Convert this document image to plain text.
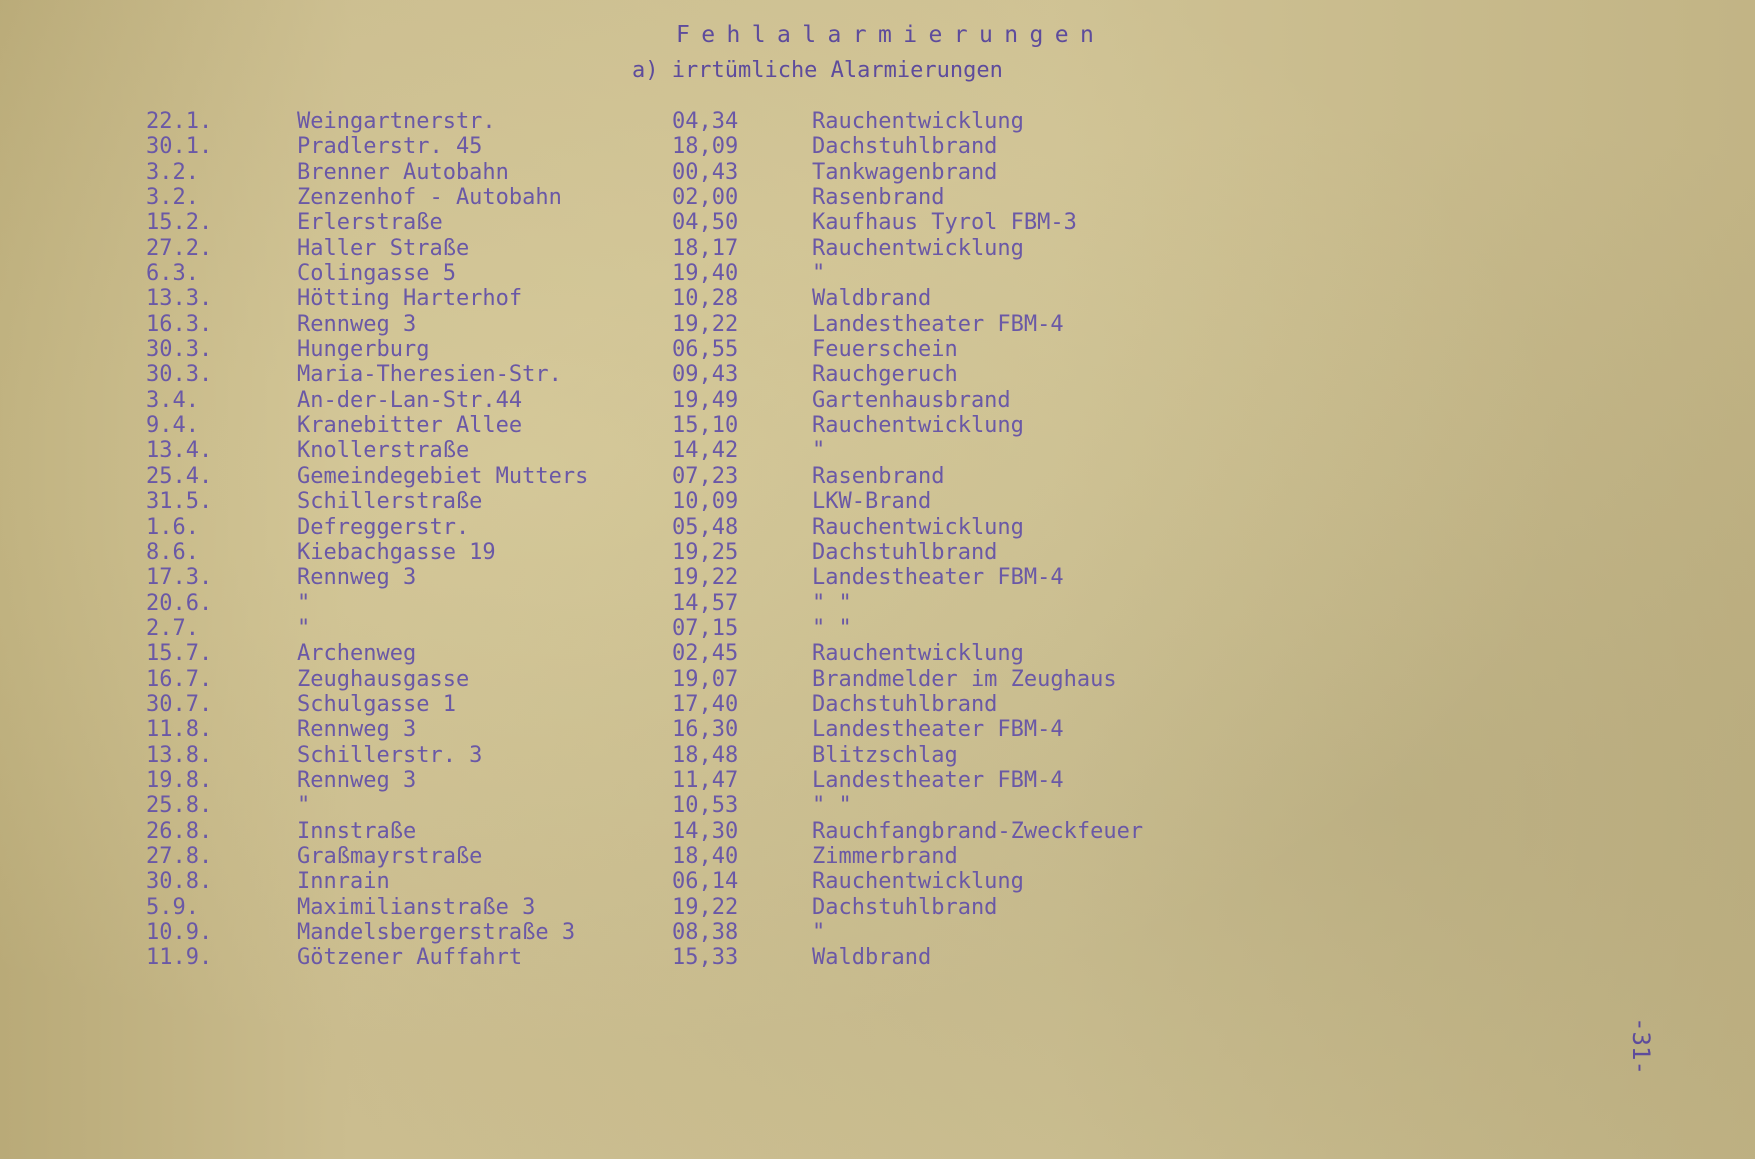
Fehlalarmierungen
a) irrtümliche Alarmierungen
22.1.	Weingartnerstr.	04,34	Rauchentwicklung
30.1.	Pradlerstr. 45	18,09	Dachstuhlbrand
3.2.	Brenner Autobahn	00,43	Tankwagenbrand
3.2.	Zenzenhof - Autobahn	02,00	Rasenbrand
15.2.	Erlerstraße	04,50	Kaufhaus Tyrol FBM-3
27.2.	Haller Straße	18,17	Rauchentwicklung
6.3.	Colingasse 5	19,40	"
13.3.	Hötting Harterhof	10,28	Waldbrand
16.3.	Rennweg 3	19,22	Landestheater FBM-4
30.3.	Hungerburg	06,55	Feuerschein
30.3.	Maria-Theresien-Str.	09,43	Rauchgeruch
3.4.	An-der-Lan-Str.44	19,49	Gartenhausbrand
9.4.	Kranebitter Allee	15,10	Rauchentwicklung
13.4.	Knollerstraße	14,42	"
25.4.	Gemeindegebiet Mutters	07,23	Rasenbrand
31.5.	Schillerstraße	10,09	LKW-Brand
1.6.	Defreggerstr.	05,48	Rauchentwicklung
8.6.	Kiebachgasse 19	19,25	Dachstuhlbrand
17.3.	Rennweg 3	19,22	Landestheater FBM-4
20.6.	"	14,57	" "
2.7.	"	07,15	" "
15.7.	Archenweg	02,45	Rauchentwicklung
16.7.	Zeughausgasse	19,07	Brandmelder im Zeughaus
30.7.	Schulgasse 1	17,40	Dachstuhlbrand
11.8.	Rennweg 3	16,30	Landestheater FBM-4
13.8.	Schillerstr. 3	18,48	Blitzschlag
19.8.	Rennweg 3	11,47	Landestheater FBM-4
25.8.	"	10,53	" "
26.8.	Innstraße	14,30	Rauchfangbrand-Zweckfeuer
27.8.	Graßmayrstraße	18,40	Zimmerbrand
30.8.	Innrain	06,14	Rauchentwicklung
5.9.	Maximilianstraße 3	19,22	Dachstuhlbrand
10.9.	Mandelsbergerstraße 3	08,38	"
11.9.	Götzener Auffahrt	15,33	Waldbrand
-31-
